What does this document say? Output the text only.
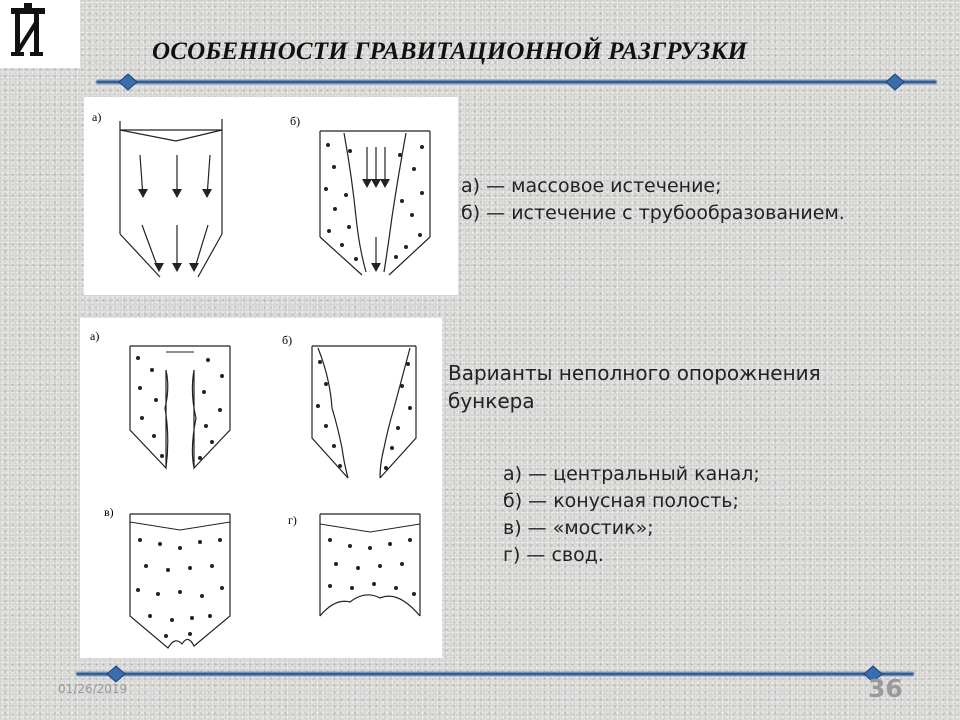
ОСОБЕННОСТИ ГРАВИТАЦИОННОЙ РАЗГРУЗКИ
а)	б)
а)	б)
в)
г)
а) — массовое истечение;
б) — истечение с трубообразованием.
Варианты неполного опорожнения
бункера
а) — центральный канал;
б) — конусная полость;
в) — «мостик»;
г) — свод.
01/26/2019	36
